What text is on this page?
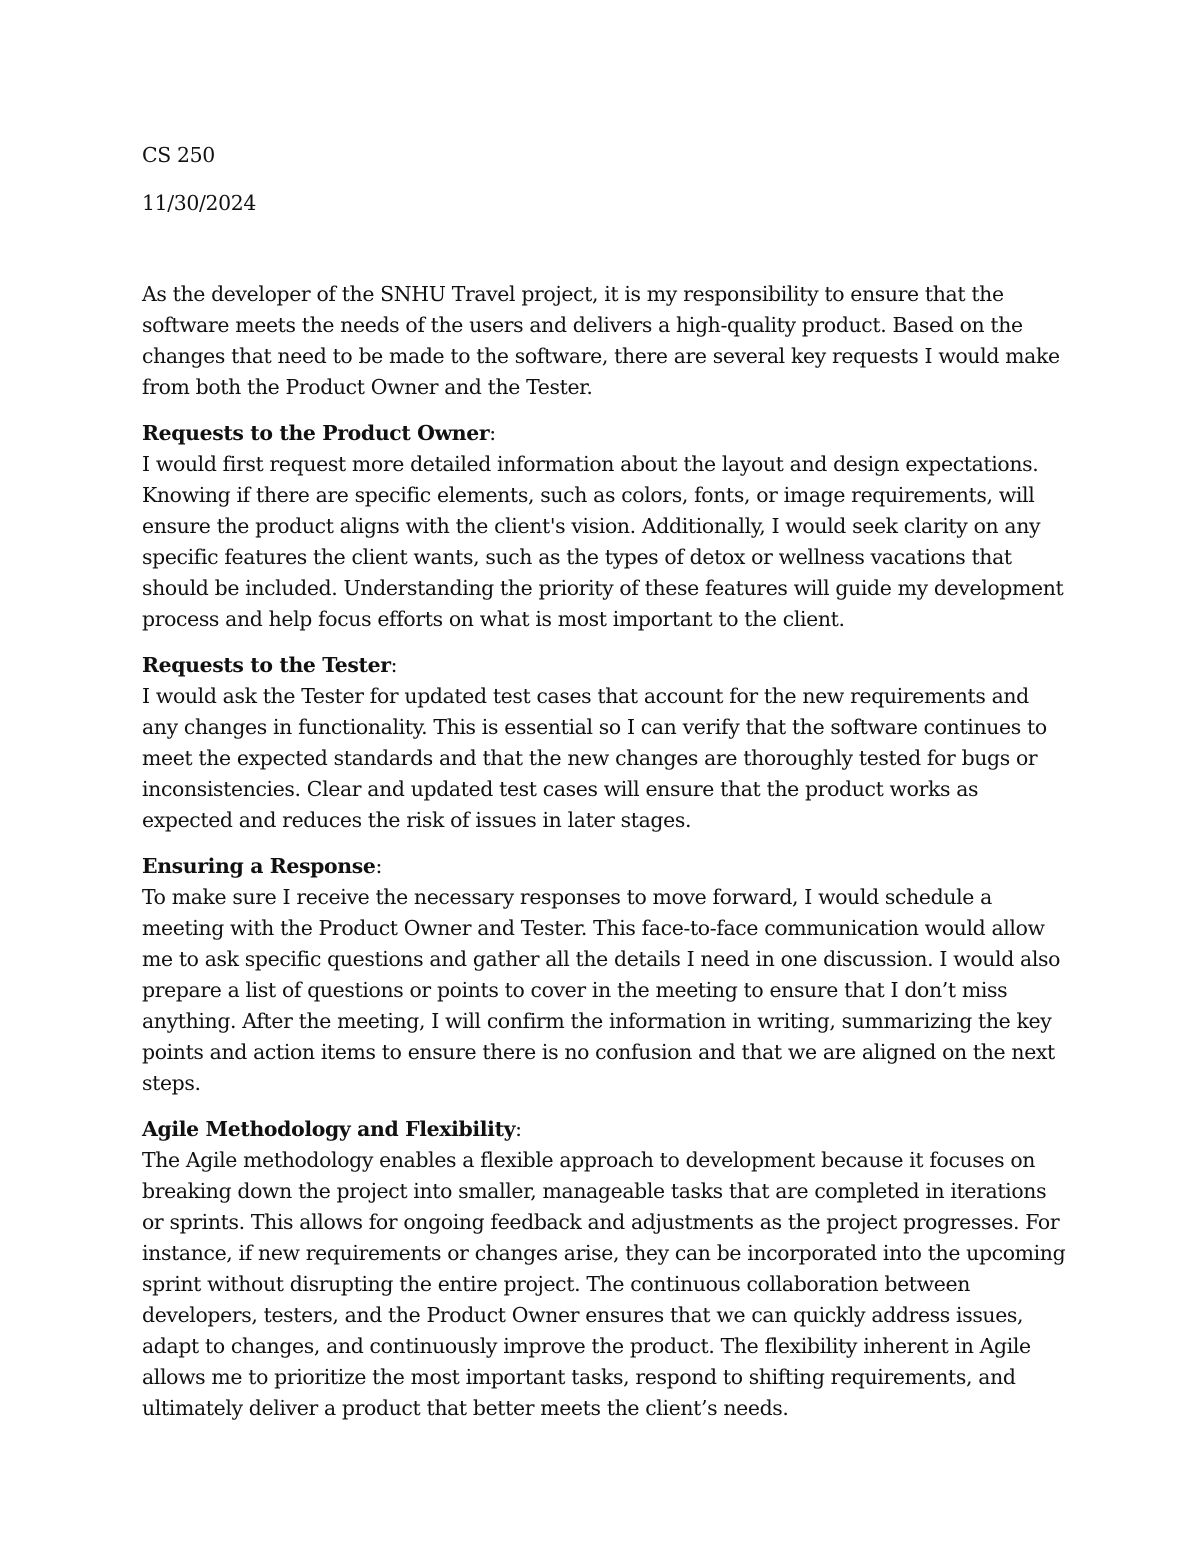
CS 250

11/30/2024

As the developer of the SNHU Travel project, it is my responsibility to ensure that the software meets the needs of the users and delivers a high-quality product. Based on the changes that need to be made to the software, there are several key requests I would make from both the Product Owner and the Tester.

Requests to the Product Owner:

I would first request more detailed information about the layout and design expectations. Knowing if there are specific elements, such as colors, fonts, or image requirements, will ensure the product aligns with the client's vision. Additionally, I would seek clarity on any specific features the client wants, such as the types of detox or wellness vacations that should be included. Understanding the priority of these features will guide my development process and help focus efforts on what is most important to the client.

Requests to the Tester:

I would ask the Tester for updated test cases that account for the new requirements and any changes in functionality. This is essential so I can verify that the software continues to meet the expected standards and that the new changes are thoroughly tested for bugs or inconsistencies. Clear and updated test cases will ensure that the product works as expected and reduces the risk of issues in later stages.

Ensuring a Response:

To make sure I receive the necessary responses to move forward, I would schedule a meeting with the Product Owner and Tester. This face-to-face communication would allow me to ask specific questions and gather all the details I need in one discussion. I would also prepare a list of questions or points to cover in the meeting to ensure that I don’t miss anything. After the meeting, I will confirm the information in writing, summarizing the key points and action items to ensure there is no confusion and that we are aligned on the next steps.

Agile Methodology and Flexibility:

The Agile methodology enables a flexible approach to development because it focuses on breaking down the project into smaller, manageable tasks that are completed in iterations or sprints. This allows for ongoing feedback and adjustments as the project progresses. For instance, if new requirements or changes arise, they can be incorporated into the upcoming sprint without disrupting the entire project. The continuous collaboration between developers, testers, and the Product Owner ensures that we can quickly address issues, adapt to changes, and continuously improve the product. The flexibility inherent in Agile allows me to prioritize the most important tasks, respond to shifting requirements, and ultimately deliver a product that better meets the client’s needs.
